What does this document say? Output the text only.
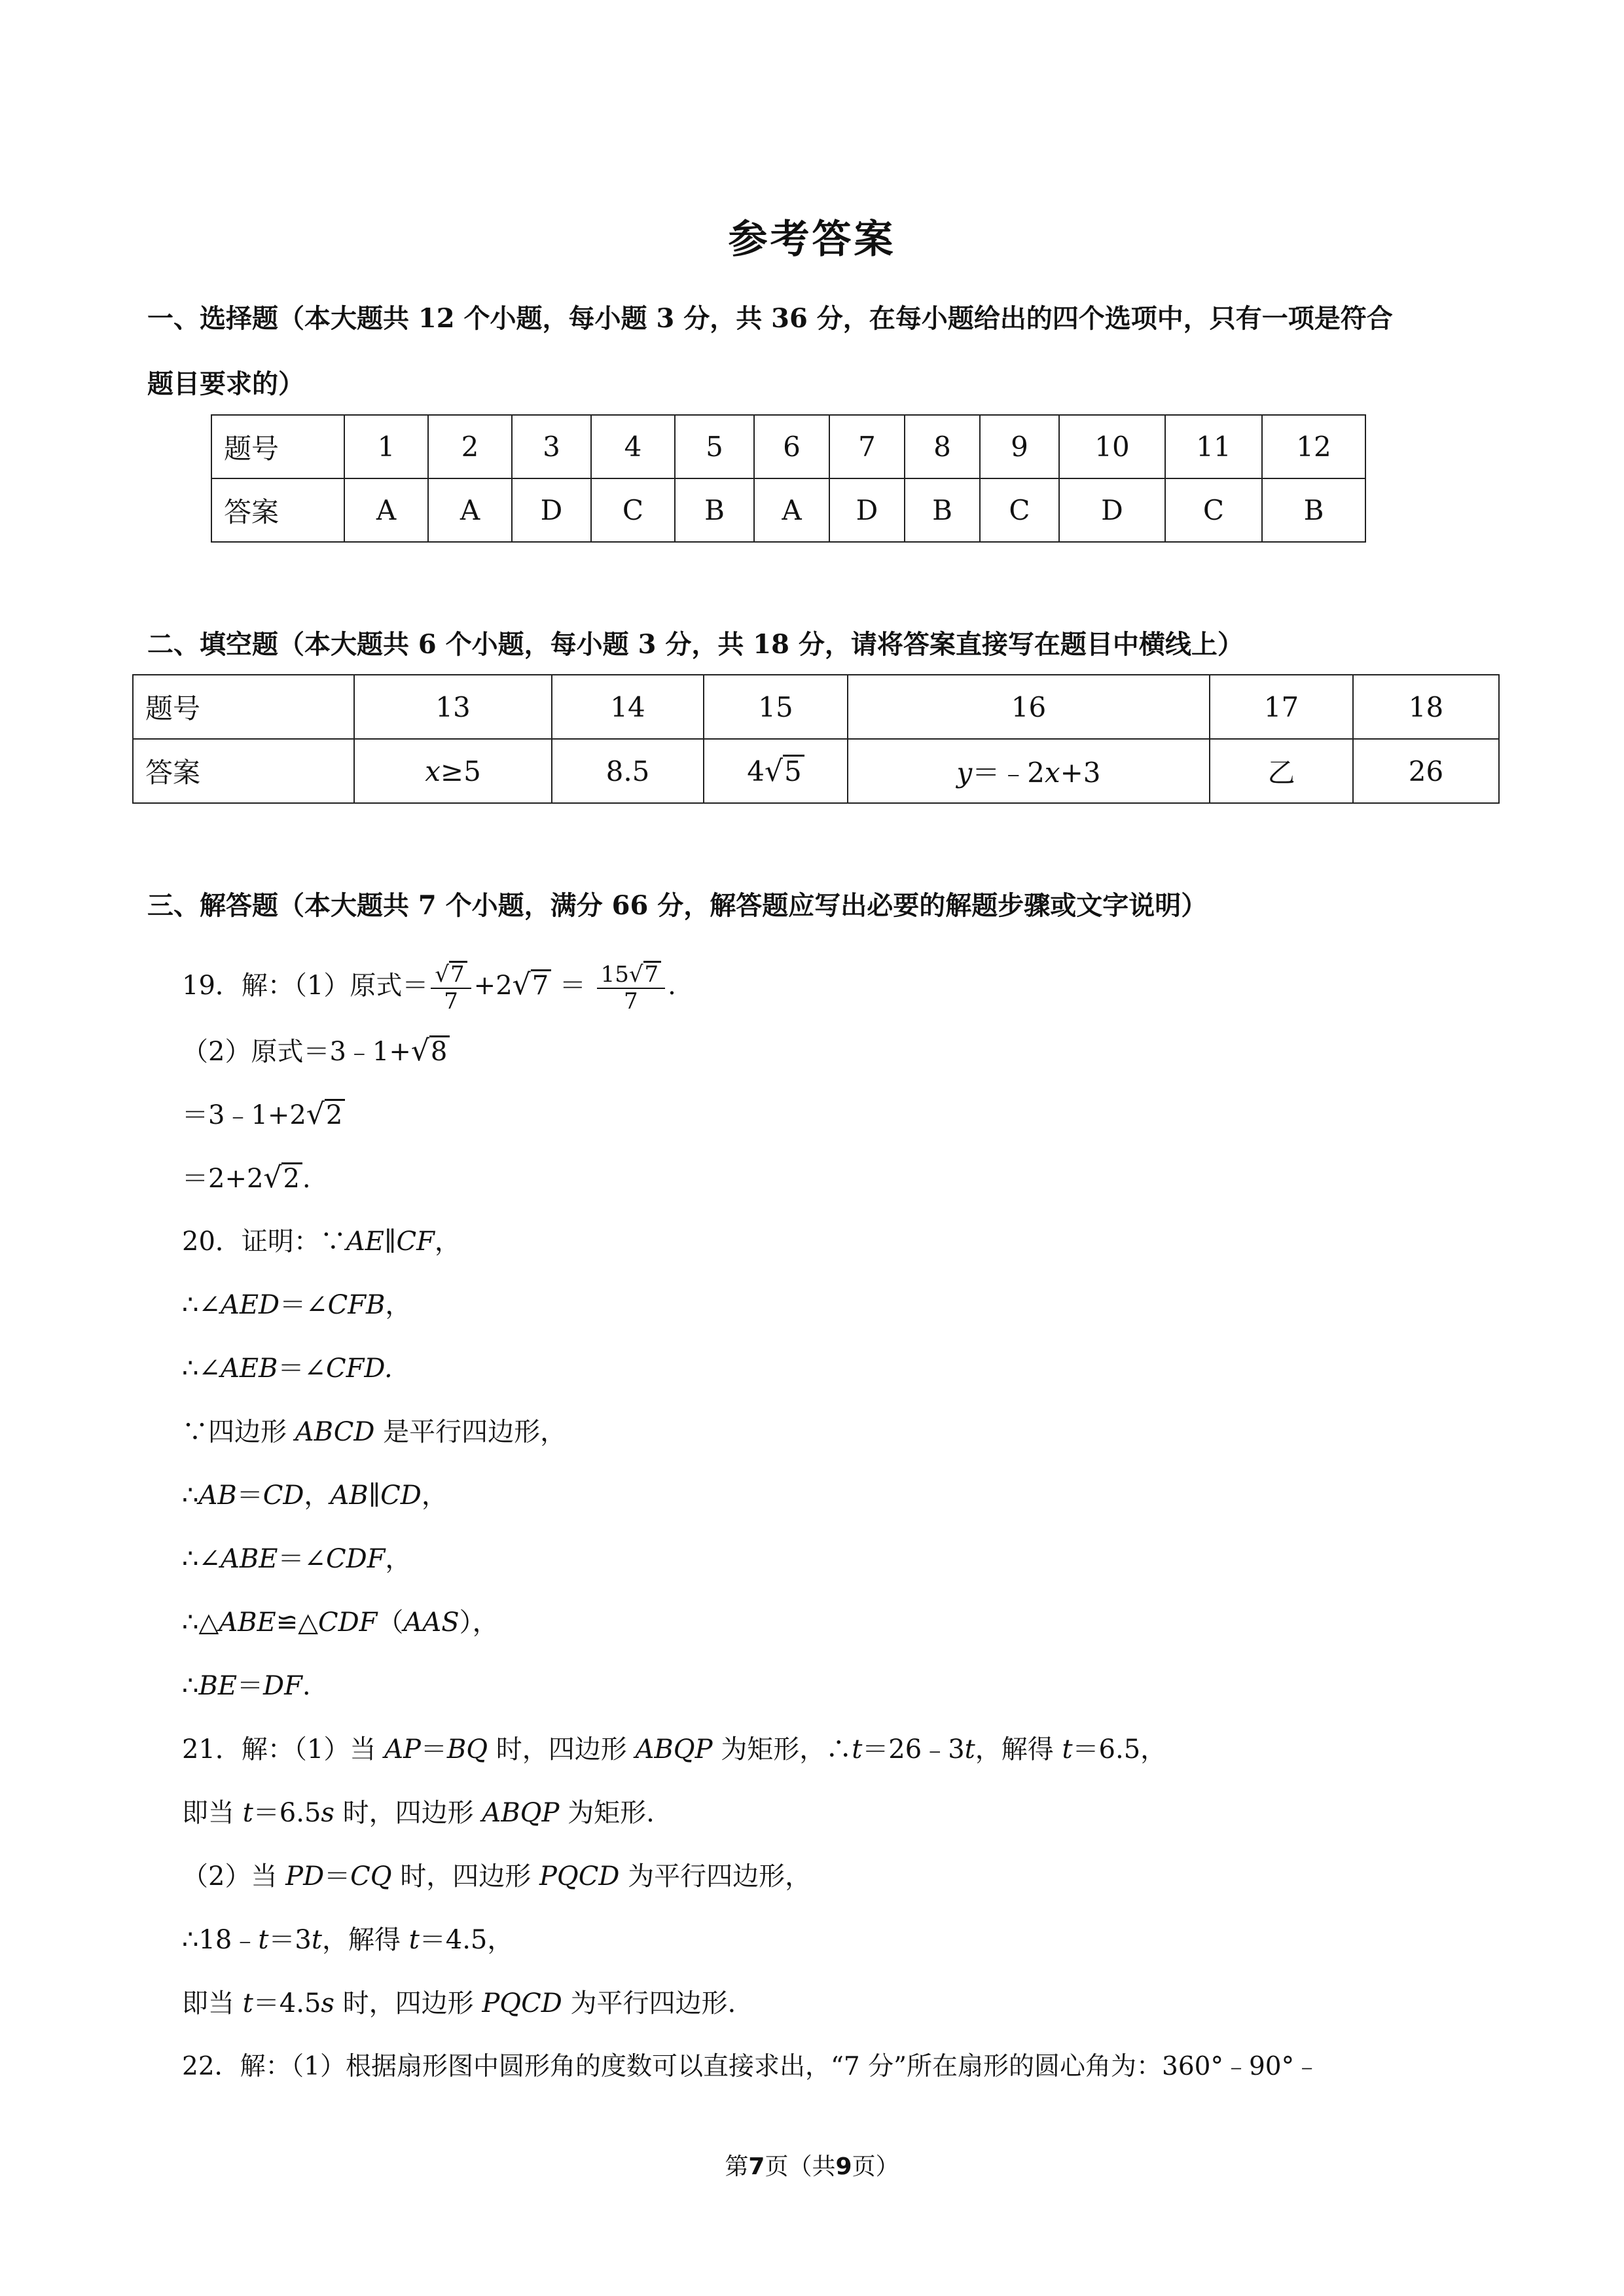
参考答案
一、选择题（本大题共 12 个小题，每小题 3 分，共 36 分，在每小题给出的四个选项中，只有一项是符合
题目要求的）
题号	1	2	3	4	5	6	7	8	9	10	11	12
答案	A	A	D	C	B	A	D	B	C	D	C	B
二、填空题（本大题共 6 个小题，每小题 3 分，共 18 分，请将答案直接写在题目中横线上）
题号	13	14	15	16	17	18
答案	x≥5	8.5	4√5	y＝﹣2x+3	乙	26
三、解答题（本大题共 7 个小题，满分 66 分，解答题应写出必要的解题步骤或文字说明）
19．解：（1）原式＝ $\frac{√7}{7} +2√7 = \frac{15√7}{7}$ .
（2）原式＝3﹣1+√8
＝3﹣1+2√2
＝2+2√2 .
20．证明：∵AE∥CF，
∴∠AED＝∠CFB，
∴∠AEB＝∠CFD.
∵四边形 ABCD 是平行四边形，
∴AB＝CD，AB∥CD，
∴∠ABE＝∠CDF，
∴△ABE≌△CDF（AAS），
∴BE＝DF.
21．解：（1）当 AP＝BQ 时，四边形 ABQP 为矩形，∴t＝26﹣3t，解得 t＝6.5，
即当 t＝6.5s 时，四边形 ABQP 为矩形.
（2）当 PD＝CQ 时，四边形 PQCD 为平行四边形，
∴18﹣t＝3t，解得 t＝4.5，
即当 t＝4.5s 时，四边形 PQCD 为平行四边形.
22．解：（1）根据扇形图中圆形角的度数可以直接求出，“7 分”所在扇形的圆心角为：360°﹣90°﹣
第7页（共9页）
